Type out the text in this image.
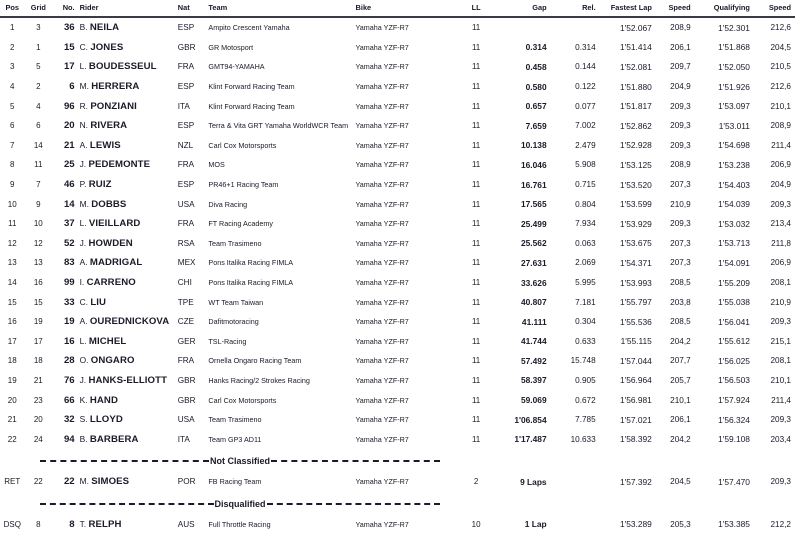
Pos	Grid	No.	Rider	Nat	Team	Bike	LL	Gap	Rel.	Fastest Lap	Speed	Qualifying	Speed
1	3	36	B. NEILA	ESP	Ampito Crescent Yamaha	Yamaha YZF-R7	11			1'52.067	208,9	1'52.301	212,6
2	1	15	C. JONES	GBR	GR Motosport	Yamaha YZF-R7	11	0.314	0.314	1'51.414	206,1	1'51.868	204,5
3	5	17	L. BOUDESSEUL	FRA	GMT94-YAMAHA	Yamaha YZF-R7	11	0.458	0.144	1'52.081	209,7	1'52.050	210,5
4	2	6	M. HERRERA	ESP	Klint Forward Racing Team	Yamaha YZF-R7	11	0.580	0.122	1'51.880	204,9	1'51.926	212,6
5	4	96	R. PONZIANI	ITA	Klint Forward Racing Team	Yamaha YZF-R7	11	0.657	0.077	1'51.817	209,3	1'53.097	210,1
6	6	20	N. RIVERA	ESP	Terra & Vita GRT Yamaha WorldWCR Team	Yamaha YZF-R7	11	7.659	7.002	1'52.862	209,3	1'53.011	208,9
7	14	21	A. LEWIS	NZL	Carl Cox Motorsports	Yamaha YZF-R7	11	10.138	2.479	1'52.928	209,3	1'54.698	211,4
8	11	25	J. PEDEMONTE	FRA	MOS	Yamaha YZF-R7	11	16.046	5.908	1'53.125	208,9	1'53.238	206,9
9	7	46	P. RUIZ	ESP	PR46+1 Racing Team	Yamaha YZF-R7	11	16.761	0.715	1'53.520	207,3	1'54.403	204,9
10	9	14	M. DOBBS	USA	Diva Racing	Yamaha YZF-R7	11	17.565	0.804	1'53.599	210,9	1'54.039	209,3
11	10	37	L. VIEILLARD	FRA	FT Racing Academy	Yamaha YZF-R7	11	25.499	7.934	1'53.929	209,3	1'53.032	213,4
12	12	52	J. HOWDEN	RSA	Team Trasimeno	Yamaha YZF-R7	11	25.562	0.063	1'53.675	207,3	1'53.713	211,8
13	13	83	A. MADRIGAL	MEX	Pons Italika Racing FIMLA	Yamaha YZF-R7	11	27.631	2.069	1'54.371	207,3	1'54.091	206,9
14	16	99	I. CARRENO	CHI	Pons Italika Racing FIMLA	Yamaha YZF-R7	11	33.626	5.995	1'53.993	208,5	1'55.209	208,1
15	15	33	C. LIU	TPE	WT Team Taiwan	Yamaha YZF-R7	11	40.807	7.181	1'55.797	203,8	1'55.038	210,9
16	19	19	A. OUREDNICKOVA	CZE	Dafitmotoracing	Yamaha YZF-R7	11	41.111	0.304	1'55.536	208,5	1'56.041	209,3
17	17	16	L. MICHEL	GER	TSL-Racing	Yamaha YZF-R7	11	41.744	0.633	1'55.115	204,2	1'55.612	215,1
18	18	28	O. ONGARO	FRA	Ornella Ongaro Racing Team	Yamaha YZF-R7	11	57.492	15.748	1'57.044	207,7	1'56.025	208,1
19	21	76	J. HANKS-ELLIOTT	GBR	Hanks Racing/2 Strokes Racing	Yamaha YZF-R7	11	58.397	0.905	1'56.964	205,7	1'56.503	210,1
20	23	66	K. HAND	GBR	Carl Cox Motorsports	Yamaha YZF-R7	11	59.069	0.672	1'56.981	210,1	1'57.924	211,4
21	20	32	S. LLOYD	USA	Team Trasimeno	Yamaha YZF-R7	11	1'06.854	7.785	1'57.021	206,1	1'56.324	209,3
22	24	94	B. BARBERA	ITA	Team GP3 AD11	Yamaha YZF-R7	11	1'17.487	10.633	1'58.392	204,2	1'59.108	203,4

Not Classified													

RET	22	22	M. SIMOES	POR	FB Racing Team	Yamaha YZF-R7	2	9 Laps		1'57.392	204,5	1'57.470	209,3

Disqualified													

DSQ	8	8	T. RELPH	AUS	Full Throttle Racing	Yamaha YZF-R7	10	1 Lap		1'53.289	205,3	1'53.385	212,2
